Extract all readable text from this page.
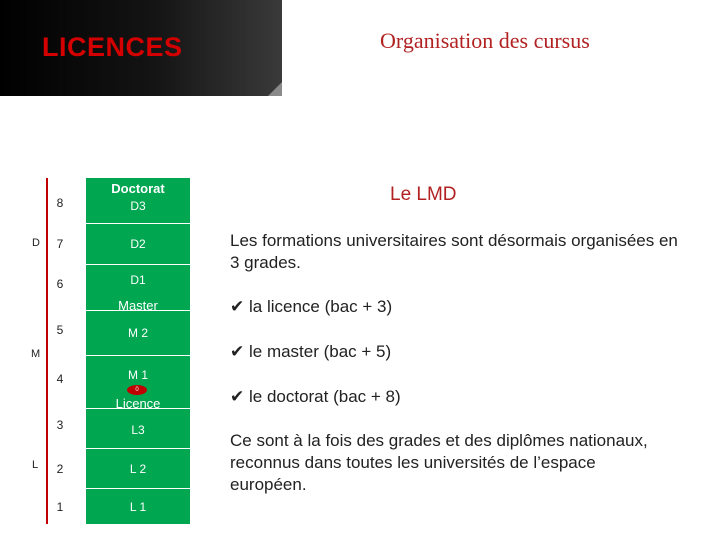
LICENCES	Organisation des cursus
8
7
6
5
4
3
2
1
D
M
L
Doctorat
D3
D2
D1
Master
M 2
M 1
0
Licence
L3
L 2
L 1
Le LMD
Les formations universitaires sont désormais organisées en 3 grades.
✔ la licence (bac + 3)
✔ le master (bac + 5)
✔ le doctorat (bac + 8)
Ce sont à la fois des grades et des diplômes nationaux, reconnus dans toutes les universités de l’espace européen.
